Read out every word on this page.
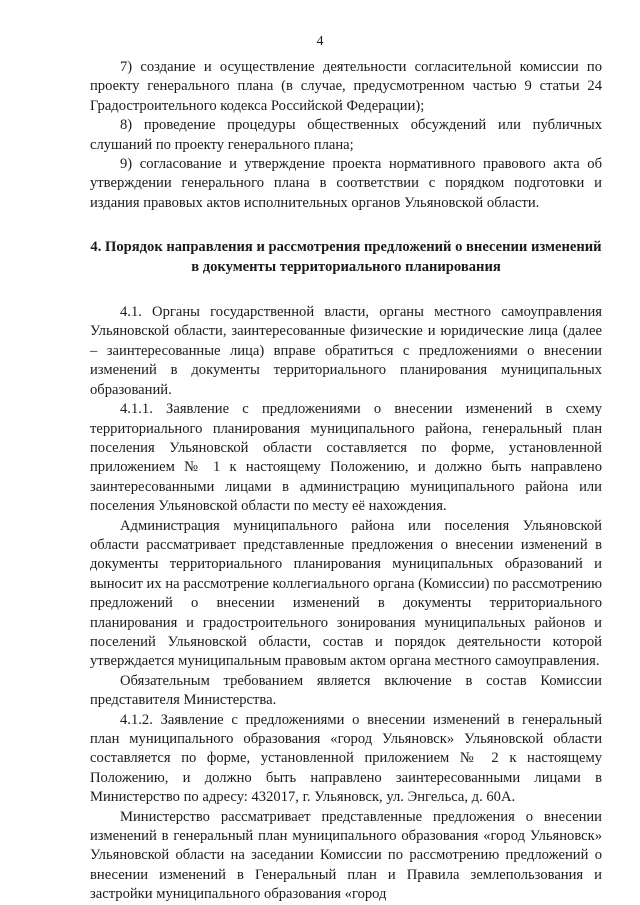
4

7) создание и осуществление деятельности согласительной комиссии по проекту генерального плана (в случае, предусмотренном частью 9 статьи 24 Градостроительного кодекса Российской Федерации);

8) проведение процедуры общественных обсуждений или публичных слушаний по проекту генерального плана;

9) согласование и утверждение проекта нормативного правового акта об утверждении генерального плана в соответствии с порядком подготовки и издания правовых актов исполнительных органов Ульяновской области.

4. Порядок направления и рассмотрения предложений о внесении изменений в документы территориального планирования

4.1. Органы государственной власти, органы местного самоуправления Ульяновской области, заинтересованные физические и юридические лица (далее – заинтересованные лица) вправе обратиться с предложениями о внесении изменений в документы территориального планирования муниципальных образований.

4.1.1. Заявление с предложениями о внесении изменений в схему территориального планирования муниципального района, генеральный план поселения Ульяновской области составляется по форме, установленной приложением № 1 к настоящему Положению, и должно быть направлено заинтересованными лицами в администрацию муниципального района или поселения Ульяновской области по месту её нахождения.

Администрация муниципального района или поселения Ульяновской области рассматривает представленные предложения о внесении изменений в документы территориального планирования муниципальных образований и выносит их на рассмотрение коллегиального органа (Комиссии) по рассмотрению предложений о внесении изменений в документы территориального планирования и градостроительного зонирования муниципальных районов и поселений Ульяновской области, состав и порядок деятельности которой утверждается муниципальным правовым актом органа местного самоуправления.

Обязательным требованием является включение в состав Комиссии представителя Министерства.

4.1.2. Заявление с предложениями о внесении изменений в генеральный план муниципального образования «город Ульяновск» Ульяновской области составляется по форме, установленной приложением № 2 к настоящему Положению, и должно быть направлено заинтересованными лицами в Министерство по адресу: 432017, г. Ульяновск, ул. Энгельса, д. 60А.

Министерство рассматривает представленные предложения о внесении изменений в генеральный план муниципального образования «город Ульяновск» Ульяновской области на заседании Комиссии по рассмотрению предложений о внесении изменений в Генеральный план и Правила землепользования и застройки муниципального образования «город
